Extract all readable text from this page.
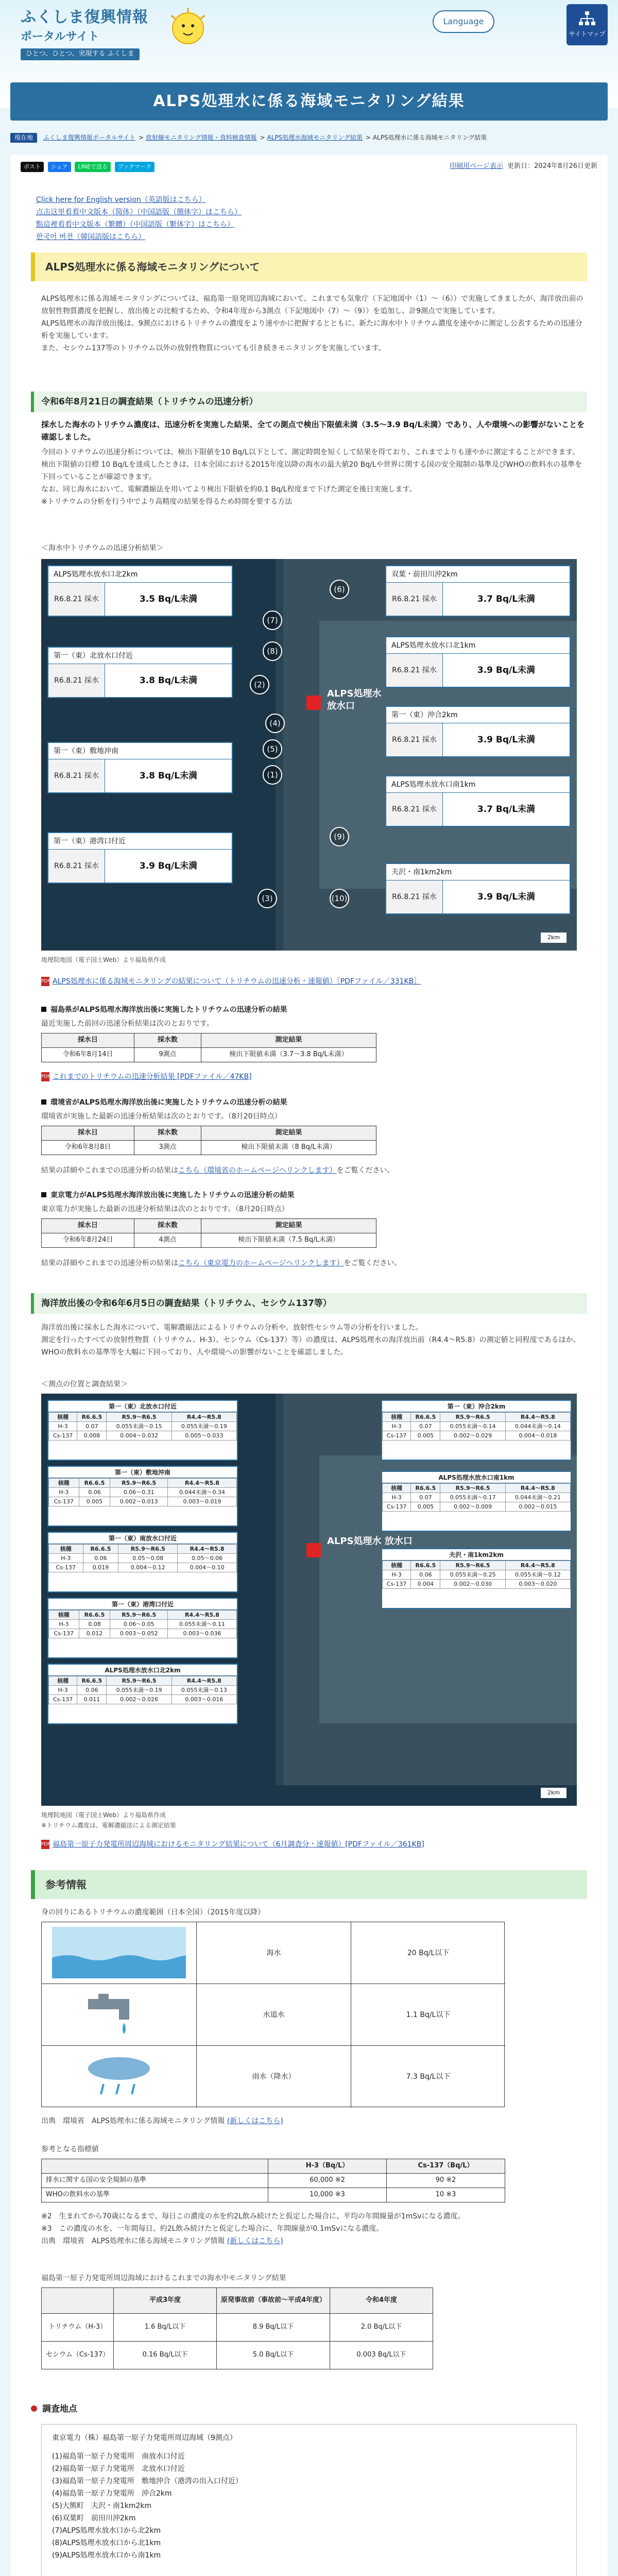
ふくしま復興情報
ポータルサイト
ひとつ、ひとつ、実現する ふくしま
Language
サイトマップ
ALPS処理水に係る海域モニタリング結果
現在地 ふくしま復興情報ポータルサイト > 放射線モニタリング情報・食料検査情報 > ALPS処理水海域モニタリング結果 > ALPS処理水に係る海域モニタリング結果
ポスト シェア LINEで送る ブックマーク	印刷用ページ表示 更新日：2024年8月26日更新
Click here for English version（英語版はこちら）
点击这里看看中文版本（简体）（中国語版（簡体字）はこちら）
點這裡看看中文版本（繁體）（中国語版（繁体字）はこちら）
한국어 버전（韓国語版はこちら）
ALPS処理水に係る海域モニタリングについて

ALPS処理水に係る海域モニタリングについては、福島第一原発周辺海域において、これまでも気象庁（下記地図中（1）～（6））で実施してきましたが、海洋放出前の放射性物質濃度を把握し、放出後との比較するため、令和4年度から3測点（下記地図中（7）～（9））を追加し、計9測点で実施しています。

ALPS処理水の海洋放出後は、9測点におけるトリチウムの濃度をより速やかに把握するとともに、新たに海水中トリチウム濃度を速やかに測定し公表するための迅速分析を実施しています。

また、セシウム137等のトリチウム以外の放射性物質についても引き続きモニタリングを実施しています。

令和6年8月21日の調査結果（トリチウムの迅速分析）
採水した海水のトリチウム濃度は、迅速分析を実施した結果、全ての測点で検出下限値未満（3.5～3.9 Bq/L未満）であり、人や環境への影響がないことを確認しました。

今回のトリチウムの迅速分析については、検出下限値を10 Bq/L以下として、測定時間を短くして結果を得ており、これまでよりも速やかに測定することができます。

検出下限値の目標 10 Bq/Lを達成したときは、日本全国における2015年度以降の海水の最大値20 Bq/Lや世界に関する国の安全規制の基準及びWHOの飲料水の基準を下回っていることが確認できます。

なお、同じ海水において、電解濃縮法を用いてより検出下限値を約0.1 Bq/L程度まで下げた測定を後日実施します。

※トリチウムの分析を行う中でより高精度の結果を得るため時間を要する方法

＜海水中トリチウムの迅速分析結果＞
ALPS処理水
放水口
ALPS処理水放水口北2km
R6.8.21 採水	3.5 Bq/L未満
第一（東）北放水口付近
R6.8.21 採水	3.8 Bq/L未満
第一（東）敷地沖南
R6.8.21 採水	3.8 Bq/L未満
第一（東）港湾口付近
R6.8.21 採水	3.9 Bq/L未満
双葉・前田川沖2km
R6.8.21 採水	3.7 Bq/L未満
ALPS処理水放水口北1km
R6.8.21 採水	3.9 Bq/L未満
第一（東）沖合2km
R6.8.21 採水	3.9 Bq/L未満
ALPS処理水放水口南1km
R6.8.21 採水	3.7 Bq/L未満
夫沢・南1km2km
R6.8.21 採水	3.9 Bq/L未満
(6)
(7)
(8)
(2)
(4)
(5)
(1)
(9)
(10)
(3)
2km
地理院地図（電子国土Web）より福島県作成
PDF ALPS処理水に係る海域モニタリングの結果について（トリチウムの迅速分析・速報値）［PDFファイル／331KB］
福島県がALPS処理水海洋放出後に実施したトリチウムの迅速分析の結果
最近実施した前回の迅速分析結果は次のとおりです。
採水日	採水数	測定結果
令和6年8月14日	9測点	検出下限値未満（3.7～3.8 Bq/L未満）
PDF これまでのトリチウムの迅速分析結果 [PDFファイル／47KB]
環境省がALPS処理水海洋放出後に実施したトリチウムの迅速分析の結果
環境省が実施した最新の迅速分析結果は次のとおりです。（8月20日時点）
採水日	採水数	測定結果
令和6年8月8日	3測点	検出下限値未満（8 Bq/L未満）
結果の詳細やこれまでの迅速分析の結果はこちら（環境省のホームページへリンクします）をご覧ください。
東京電力がALPS処理水海洋放出後に実施したトリチウムの迅速分析の結果
東京電力が実施した最新の迅速分析結果は次のとおりです。（8月20日時点）
採水日	採水数	測定結果
令和6年8月24日	4測点	検出下限値未満（7.5 Bq/L未満）
結果の詳細やこれまでの迅速分析の結果はこちら（東京電力のホームページへリンクします）をご覧ください。
海洋放出後の令和6年6月5日の調査結果（トリチウム、セシウム137等）

海洋放出後に採水した海水について、電解濃縮法によるトリチウムの分析や、放射性セシウム等の分析を行いました。

測定を行ったすべての放射性物質（トリチウム、H-3）、セシウム（Cs-137）等）の濃度は、ALPS処理水の海洋放出前（R4.4～R5.8）の測定値と同程度であるほか、WHOの飲料水の基準等を大幅に下回っており、人や環境への影響がないことを確認しました。

＜測点の位置と調査結果＞
ALPS処理水 放水口
第一（東）北放水口付近
核種	R6.6.5	R5.9～R6.5	R4.4～R5.8
H-3	0.07	0.055未満～0.15	0.055未満～0.19
Cs-137	0.008	0.004～0.032	0.005～0.033
第一（東）敷地沖南
核種	R6.6.5	R5.9～R6.5	R4.4～R5.8
H-3	0.06	0.06～0.31	0.044未満～0.34
Cs-137	0.005	0.002～0.013	0.003～0.019
第一（東）南放水口付近
核種	R6.6.5	R5.9～R6.5	R4.4～R5.8
H-3	0.06	0.05～0.08	0.05～0.06
Cs-137	0.019	0.004～0.12	0.004～0.10
第一（東）港湾口付近
核種	R6.6.5	R5.9～R6.5	R4.4～R5.8
H-3	0.08	0.06～0.05	0.055未満～0.11
Cs-137	0.012	0.003～0.052	0.003～0.036
ALPS処理水放水口北2km
核種	R6.6.5	R5.9～R6.5	R4.4～R5.8
H-3	0.06	0.055未満～0.19	0.055未満～0.13
Cs-137	0.011	0.002～0.026	0.003～0.016
第一（東）沖合2km
核種	R6.6.5	R5.9～R6.5	R4.4～R5.8
H-3	0.07	0.055未満～0.14	0.044未満～0.14
Cs-137	0.005	0.002～0.029	0.004～0.018
ALPS処理水放水口南1km
核種	R6.6.5	R5.9～R6.5	R4.4～R5.8
H-3	0.07	0.055未満～0.17	0.044未満～0.21
Cs-137	0.005	0.002～0.009	0.002～0.015
夫沢・南1km2km
核種	R6.6.5	R5.9～R6.5	R4.4～R5.8
H-3	0.06	0.055未満～0.25	0.055未満～0.12
Cs-137	0.004	0.002～0.030	0.003～0.020
2km
地理院地図（電子国土Web）より福島県作成
※トリチウム濃度は、電解濃縮法による測定結果
PDF 福島第一原子力発電所周辺海域におけるモニタリング結果について（6月調査分・速報値）[PDFファイル／361KB]
参考情報
身の回りにあるトリチウムの濃度範囲（日本全国）（2015年度以降）
海水	20 Bq/L以下
水道水	1.1 Bq/L以下
雨水（降水）	7.3 Bq/L以下
出典　環境省　ALPS処理水に係る海域モニタリング情報 (新しくはこちら)
参考となる指標値
	H-3（Bq/L）	Cs-137（Bq/L）
排水に関する国の安全規制の基準	60,000 ※2	90 ※2
WHOの飲料水の基準	10,000 ※3	10 ※3

※2　生まれてから70歳になるまで、毎日この濃度の水を約2L飲み続けたと仮定した場合に、平均の年間線量が1mSvになる濃度。

※3　この濃度の水を、一年間毎日、約2L飲み続けたと仮定した場合に、年間線量が0.1mSvになる濃度。

出典　環境省　ALPS処理水に係る海域モニタリング情報 (新しくはこちら)

福島第一原子力発電所周辺海域におけるこれまでの海水中モニタリング結果
	平成3年度	原発事故前（事故前～平成4年度）	令和4年度
トリチウム（H-3）	1.6 Bq/L以下	8.9 Bq/L以下	2.0 Bq/L以下
セシウム（Cs-137）	0.16 Bq/L以下	5.0 Bq/L以下	0.003 Bq/L以下
調査地点
東京電力（株）福島第一原子力発電所周辺海域（9測点）
(1)福島第一原子力発電所　南放水口付近
(2)福島第一原子力発電所　北放水口付近
(3)福島第一原子力発電所　敷地沖合（港湾の出入口付近）
(4)福島第一原子力発電所　沖合2km
(5)大熊町　夫沢・南1km2km
(6)双葉町　前田川沖2km
(7)ALPS処理水放水口から北2km
(8)ALPS処理水放水口から北1km
(9)ALPS処理水放水口から南1km
